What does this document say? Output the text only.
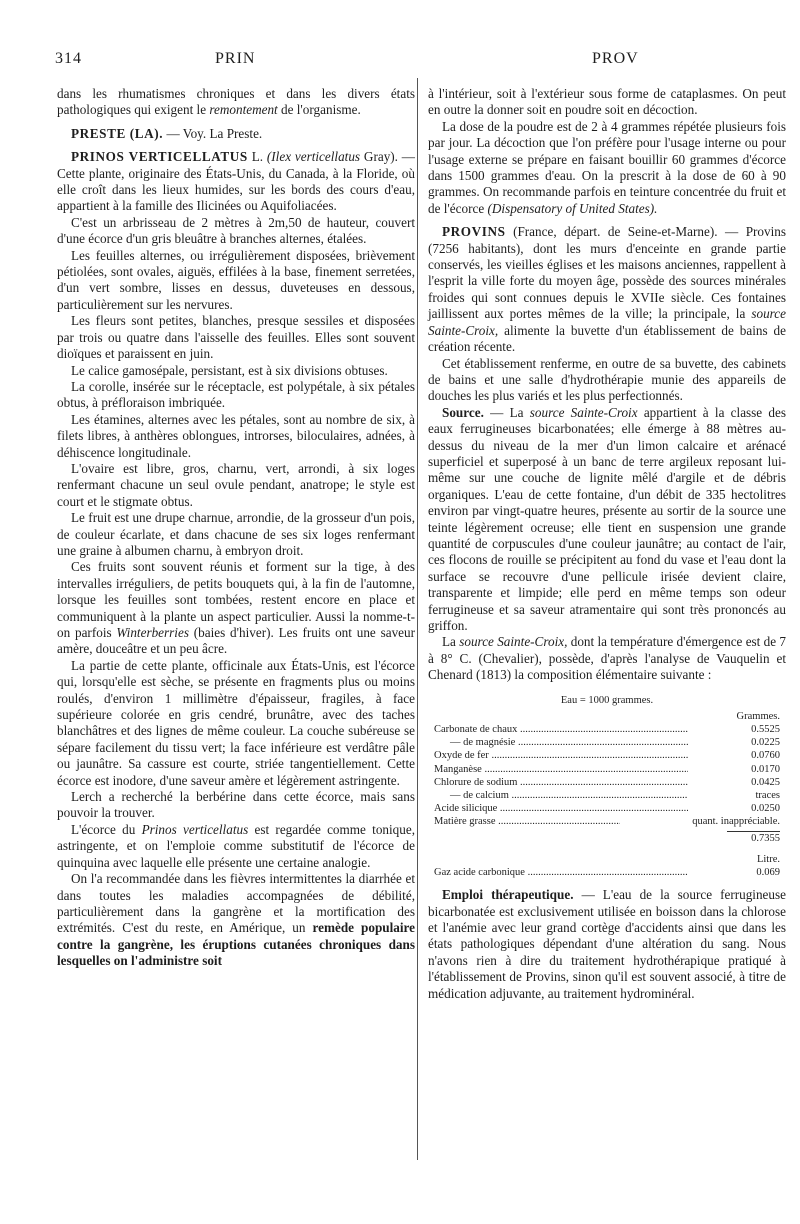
314	PRIN	PROV

dans les rhumatismes chroniques et dans les divers états pathologiques qui exigent le remontement de l'organisme.

PRESTE (LA). — Voy. La Preste.

PRINOS VERTICELLATUS L. (Ilex verticellatus Gray). — Cette plante, originaire des États-Unis, du Canada, à la Floride, où elle croît dans les lieux humides, sur les bords des cours d'eau, appartient à la famille des Ilicinées ou Aquifoliacées.

C'est un arbrisseau de 2 mètres à 2m,50 de hauteur, couvert d'une écorce d'un gris bleuâtre à branches alternes, étalées.

Les feuilles alternes, ou irrégulièrement disposées, brièvement pétiolées, sont ovales, aiguës, effilées à la base, finement serretées, d'un vert sombre, lisses en dessus, duveteuses en dessous, particulièrement sur les nervures.

Les fleurs sont petites, blanches, presque sessiles et disposées par trois ou quatre dans l'aisselle des feuilles. Elles sont souvent dioïques et paraissent en juin.

Le calice gamosépale, persistant, est à six divisions obtuses.

La corolle, insérée sur le réceptacle, est polypétale, à six pétales obtus, à préfloraison imbriquée.

Les étamines, alternes avec les pétales, sont au nombre de six, à filets libres, à anthères oblongues, introrses, biloculaires, adnées, à déhiscence longitudinale.

L'ovaire est libre, gros, charnu, vert, arrondi, à six loges renfermant chacune un seul ovule pendant, anatrope; le style est court et le stigmate obtus.

Le fruit est une drupe charnue, arrondie, de la grosseur d'un pois, de couleur écarlate, et dans chacune de ses six loges renfermant une graine à albumen charnu, à embryon droit.

Ces fruits sont souvent réunis et forment sur la tige, à des intervalles irréguliers, de petits bouquets qui, à la fin de l'automne, lorsque les feuilles sont tombées, restent encore en place et communiquent à la plante un aspect particulier. Aussi la nomme-t-on parfois Winterberries (baies d'hiver). Les fruits ont une saveur amère, douceâtre et un peu âcre.

La partie de cette plante, officinale aux États-Unis, est l'écorce qui, lorsqu'elle est sèche, se présente en fragments plus ou moins roulés, d'environ 1 millimètre d'épaisseur, fragiles, à face supérieure colorée en gris cendré, brunâtre, avec des taches blanchâtres et des lignes de même couleur. La couche subéreuse se sépare facilement du tissu vert; la face inférieure est verdâtre pâle ou jaunâtre. Sa cassure est courte, striée tangentiellement. Cette écorce est inodore, d'une saveur amère et légèrement astringente.

Lerch a recherché la berbérine dans cette écorce, mais sans pouvoir la trouver.

L'écorce du Prinos verticellatus est regardée comme tonique, astringente, et on l'emploie comme substitutif de l'écorce de quinquina avec laquelle elle présente une certaine analogie.

On l'a recommandée dans les fièvres intermittentes la diarrhée et dans toutes les maladies accompagnées de débilité, particulièrement dans la gangrène et la mortification des extrémités. C'est du reste, en Amérique, un remède populaire contre la gangrène, les éruptions cutanées chroniques dans lesquelles on l'administre soit

à l'intérieur, soit à l'extérieur sous forme de cataplasmes. On peut en outre la donner soit en poudre soit en décoction.

La dose de la poudre est de 2 à 4 grammes répétée plusieurs fois par jour. La décoction que l'on préfère pour l'usage interne ou pour l'usage externe se prépare en faisant bouillir 60 grammes d'écorce dans 1500 grammes d'eau. On la prescrit à la dose de 60 à 90 grammes. On recommande parfois en teinture concentrée du fruit et de l'écorce (Dispensatory of United States).

PROVINS (France, départ. de Seine-et-Marne). — Provins (7256 habitants), dont les murs d'enceinte en grande partie conservés, les vieilles églises et les maisons anciennes, rappellent à l'esprit la ville forte du moyen âge, possède des sources minérales froides qui sont connues depuis le XVIIe siècle. Ces fontaines jaillissent aux portes mêmes de la ville; la principale, la source Sainte-Croix, alimente la buvette d'un établissement de bains de création récente.

Cet établissement renferme, en outre de sa buvette, des cabinets de bains et une salle d'hydrothérapie munie des appareils de douches les plus variés et les plus perfectionnés.

Source. — La source Sainte-Croix appartient à la classe des eaux ferrugineuses bicarbonatées; elle émerge à 88 mètres au-dessus du niveau de la mer d'un limon calcaire et arénacé superficiel et superposé à un banc de terre argileux reposant lui-même sur une couche de lignite mêlé d'argile et de débris organiques. L'eau de cette fontaine, d'un débit de 335 hectolitres environ par vingt-quatre heures, présente au sortir de la source une teinte légèrement ocreuse; elle tient en suspension une grande quantité de corpuscules d'une couleur jaunâtre; au contact de l'air, ces flocons de rouille se précipitent au fond du vase et l'eau dont la surface se recouvre d'une pellicule irisée devient claire, transparente et limpide; elle perd en même temps son odeur ferrugineuse et sa saveur atramentaire qui sont très prononcés au griffon.

La source Sainte-Croix, dont la température d'émergence est de 7 à 8° C. (Chevalier), possède, d'après l'analyse de Vauquelin et Chenard (1813) la composition élémentaire suivante :

Eau = 1000 grammes.
Grammes.
Carbonate de chaux .....	0.5525
— de magnésie .....	0.0225
Oxyde de fer .....	0.0760
Manganèse .....	0.0170
Chlorure de sodium .....	0.0425
— de calcium .....	traces
Acide silicique .....	0.0250
Matière grasse .....	quant. inappréciable.
0.7355
Litre.
Gaz acide carbonique .....	0.069

Emploi thérapeutique. — L'eau de la source ferrugineuse bicarbonatée est exclusivement utilisée en boisson dans la chlorose et l'anémie avec leur grand cortège d'accidents ainsi que dans les états pathologiques dépendant d'une altération du sang. Nous n'avons rien à dire du traitement hydrothérapique pratiqué à l'établissement de Provins, sinon qu'il est souvent associé, à titre de médication adjuvante, au traitement hydrominéral.
